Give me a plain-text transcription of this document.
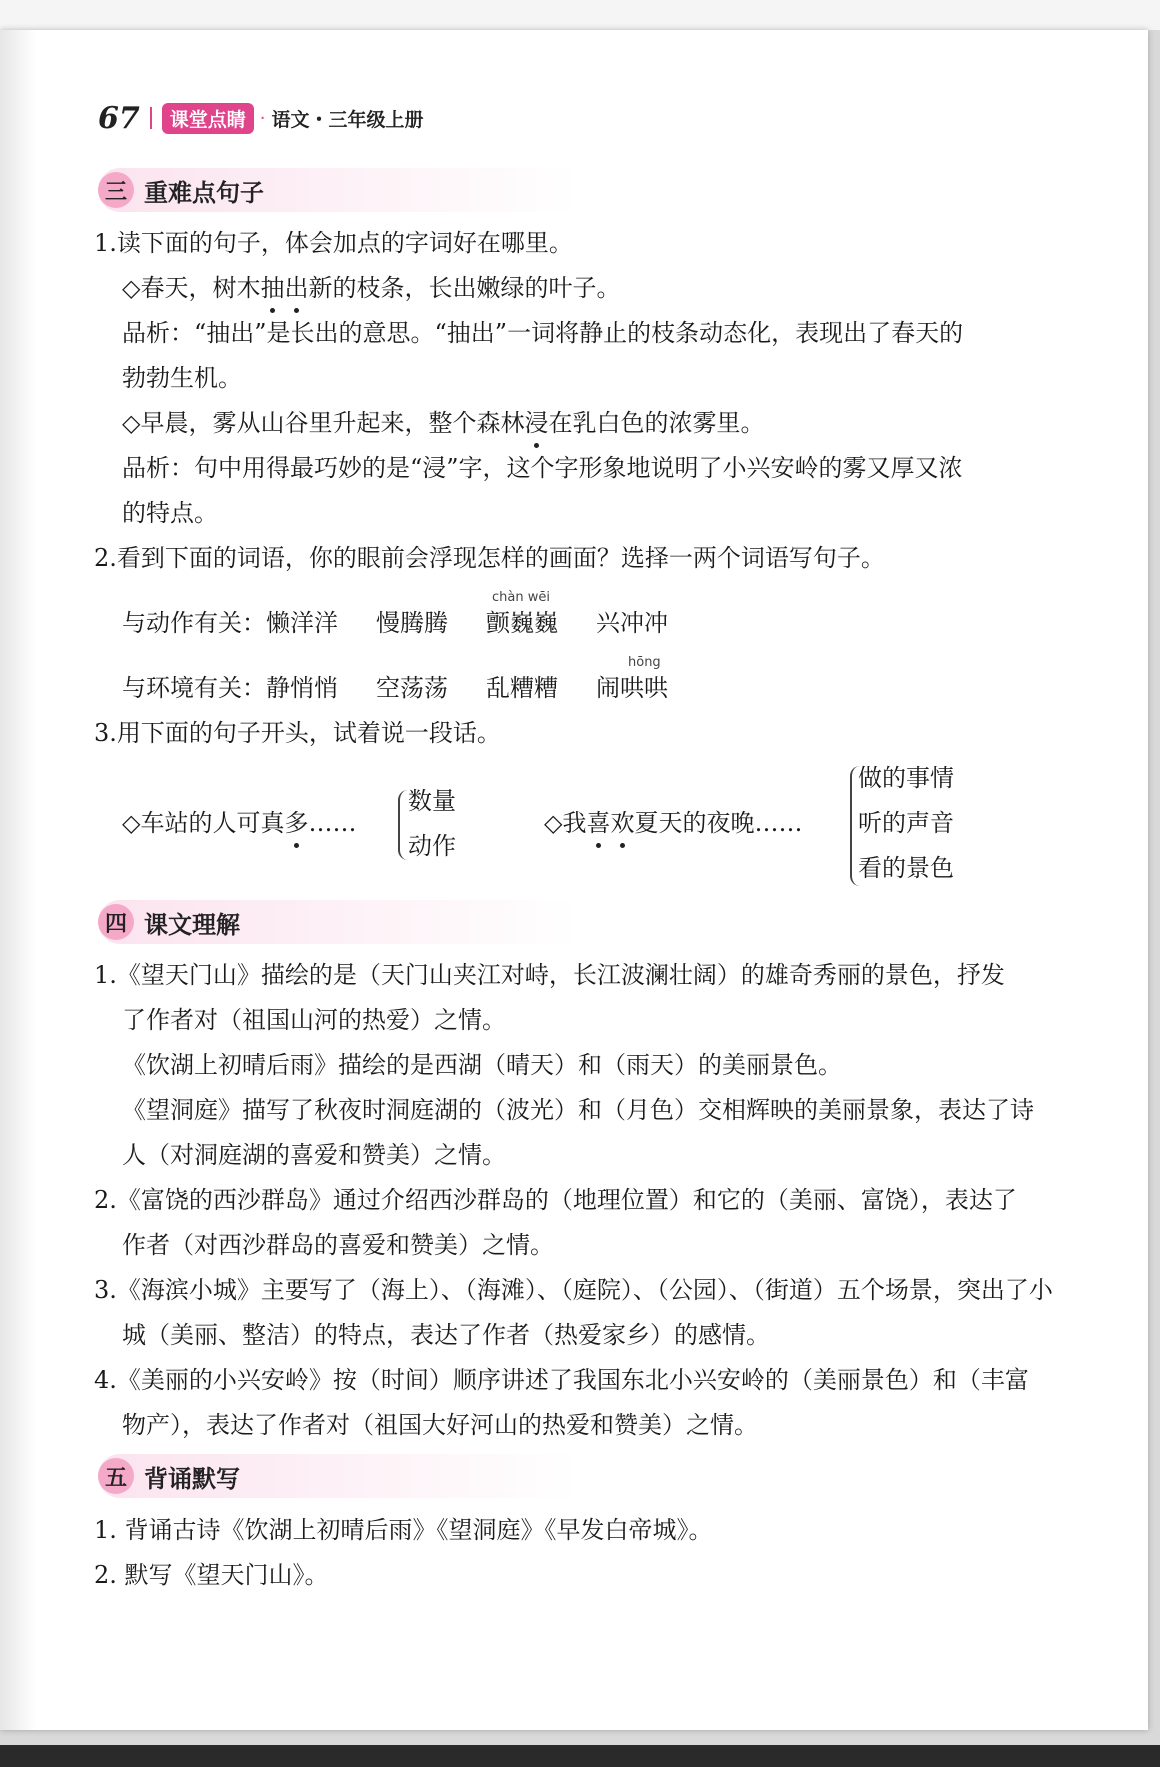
67	课堂点睛 · 语文・三年级上册
三 重难点句子
1.读下面的句子，体会加点的字词好在哪里。
◇春天，树木抽出新的枝条，长出嫩绿的叶子。
品析：“抽出”是长出的意思。“抽出”一词将静止的枝条动态化，表现出了春天的
勃勃生机。
◇早晨，雾从山谷里升起来，整个森林浸在乳白色的浓雾里。
品析：句中用得最巧妙的是“浸”字，这个字形象地说明了小兴安岭的雾又厚又浓
的特点。
2.看到下面的词语，你的眼前会浮现怎样的画面？选择一两个词语写句子。
chàn wēi
与动作有关：懒洋洋 慢腾腾 颤巍巍 兴冲冲
hōng
与环境有关：静悄悄 空荡荡 乱糟糟 闹哄哄
3.用下面的句子开头，试着说一段话。
◇车站的人可真多……
数量
动作
◇我喜欢夏天的夜晚……
做的事情
听的声音
看的景色
四 课文理解
1.《望天门山》描绘的是（天门山夹江对峙，长江波澜壮阔）的雄奇秀丽的景色，抒发
了作者对（祖国山河的热爱）之情。
《饮湖上初晴后雨》描绘的是西湖（晴天）和（雨天）的美丽景色。
《望洞庭》描写了秋夜时洞庭湖的（波光）和（月色）交相辉映的美丽景象，表达了诗
人（对洞庭湖的喜爱和赞美）之情。
2.《富饶的西沙群岛》通过介绍西沙群岛的（地理位置）和它的（美丽、富饶），表达了
作者（对西沙群岛的喜爱和赞美）之情。
3.《海滨小城》主要写了（海上）、（海滩）、（庭院）、（公园）、（街道）五个场景，突出了小
城（美丽、整洁）的特点，表达了作者（热爱家乡）的感情。
4.《美丽的小兴安岭》按（时间）顺序讲述了我国东北小兴安岭的（美丽景色）和（丰富
物产），表达了作者对（祖国大好河山的热爱和赞美）之情。
五 背诵默写
1. 背诵古诗《饮湖上初晴后雨》《望洞庭》《早发白帝城》。
2. 默写《望天门山》。
